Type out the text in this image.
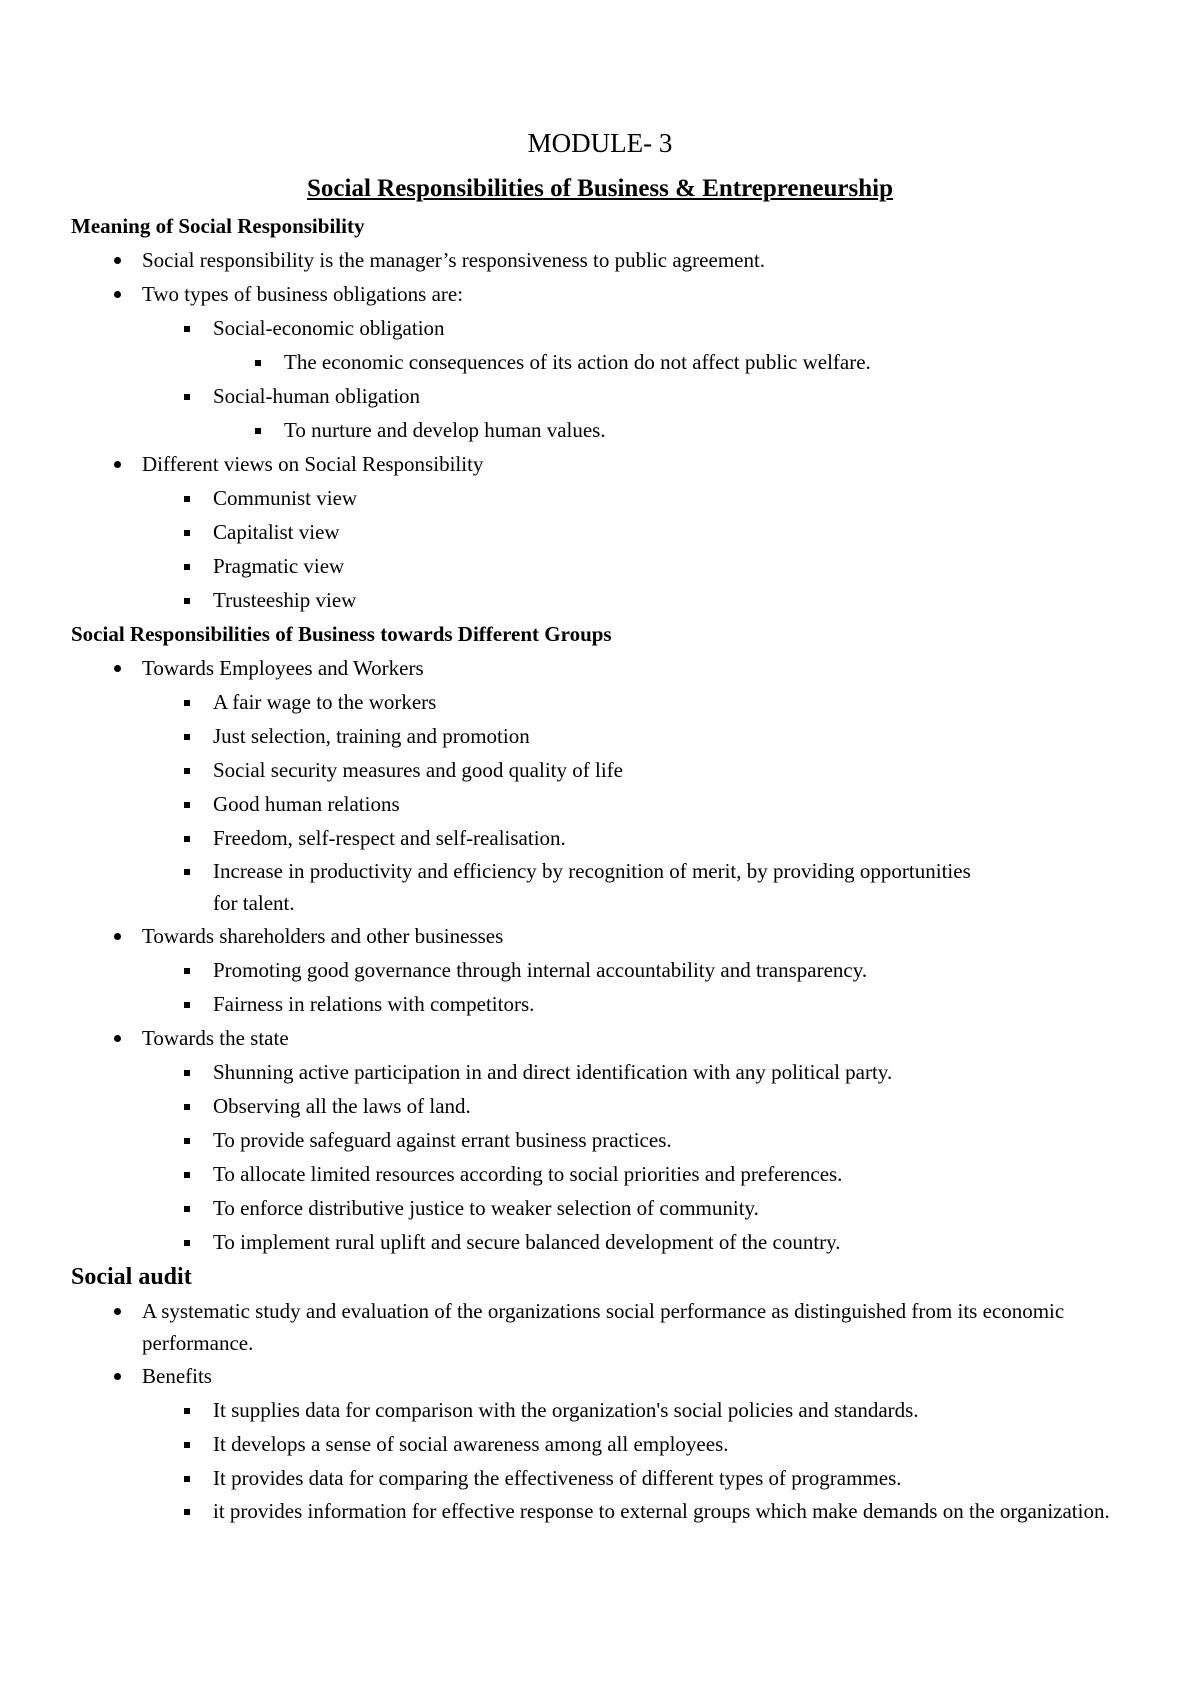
MODULE- 3
Social Responsibilities of Business & Entrepreneurship
Meaning of Social Responsibility
Social responsibility is the manager’s responsiveness to public agreement.
Two types of business obligations are:
Social-economic obligation
The economic consequences of its action do not affect public welfare.
Social-human obligation
To nurture and develop human values.
Different views on Social Responsibility
Communist view
Capitalist view
Pragmatic view
Trusteeship view
Social Responsibilities of Business towards Different Groups
Towards Employees and Workers
A fair wage to the workers
Just selection, training and promotion
Social security measures and good quality of life
Good human relations
Freedom, self-respect and self-realisation.
Increase in productivity and efficiency by recognition of merit, by providing opportunities for talent.
Towards shareholders and other businesses
Promoting good governance through internal accountability and transparency.
Fairness in relations with competitors.
Towards the state
Shunning active participation in and direct identification with any political party.
Observing all the laws of land.
To provide safeguard against errant business practices.
To allocate limited resources according to social priorities and preferences.
To enforce distributive justice to weaker selection of community.
To implement rural uplift and secure balanced development of the country.
Social audit
A systematic study and evaluation of the organizations social performance as distinguished from its economic performance.
Benefits
It supplies data for comparison with the organization's social policies and standards.
It develops a sense of social awareness among all employees.
It provides data for comparing the effectiveness of different types of programmes.
it provides information for effective response to external groups which make demands on the organization.
